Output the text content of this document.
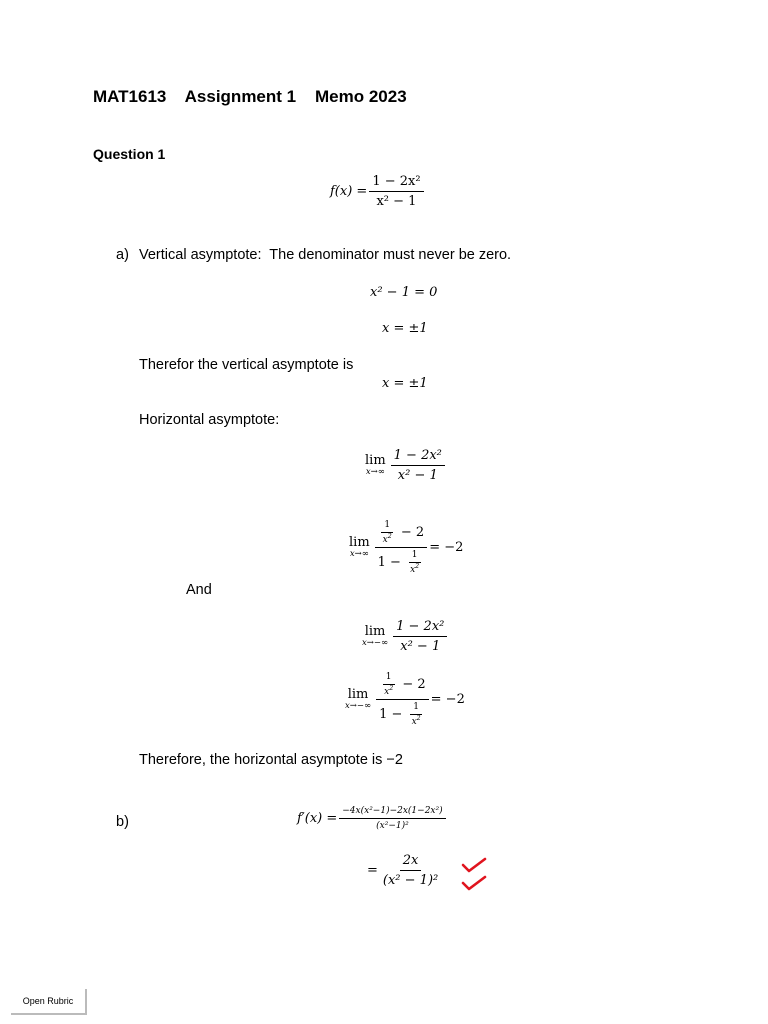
MAT1613    Assignment 1    Memo 2023
Question 1
$f(x) = \frac{\text{1 − 2x²}}{\text{x² − 1}}$
a) Vertical asymptote:  The denominator must never be zero.
x² − 1 = 0
x = ±1
Therefor the vertical asymptote is
x = ±1
Horizontal asymptote:
lim
$x\to\infty \frac{\text{1 − 2x²}}{\text{x² − 1}}$
lim
$x\to\infty \frac{\frac{1}{x^2} - 2}{1 - \frac{1}{x^2}} = -2$
And
lim
$x\to-\infty \frac{\text{1 − 2x²}}{\text{x² − 1}}$
lim
$x\to-\infty \frac{\frac{1}{x^2} - 2}{1 - \frac{1}{x^2}} = -2$
Therefore, the horizontal asymptote is −2
b)	$f'(x) = \frac{\text{−4x(x²−1)−2x(1−2x²)}}{\text{(x²−1)²}}$
= $\frac{2x}{\text{(x² − 1)²}}$
Open Rubric
